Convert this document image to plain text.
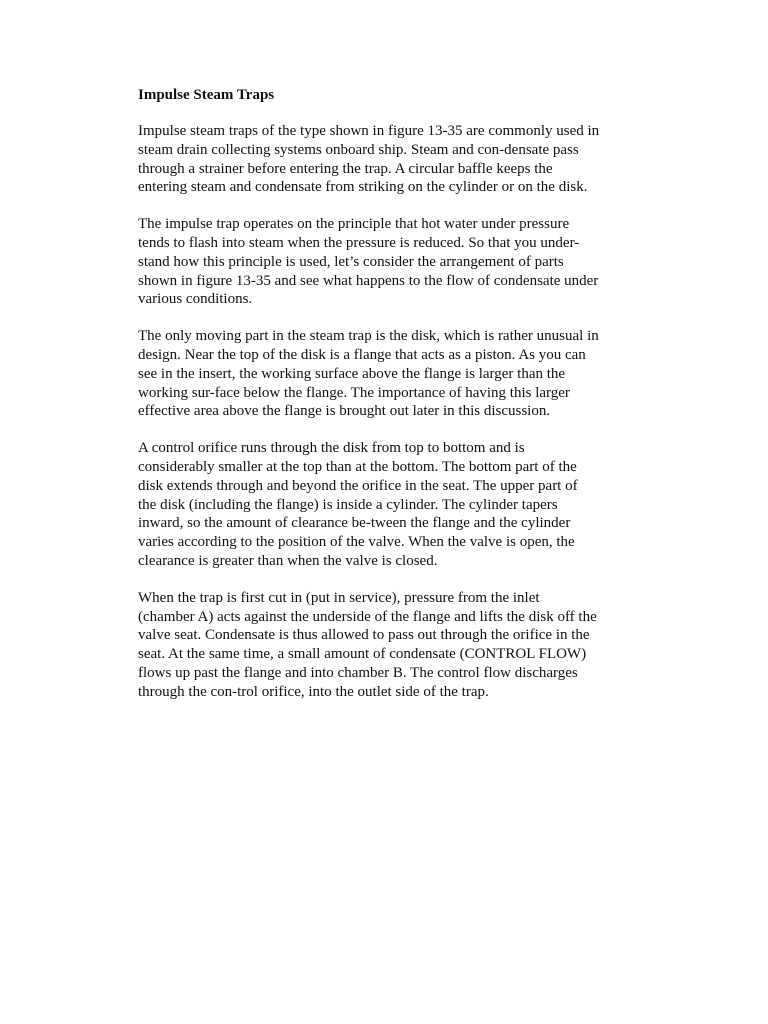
Impulse Steam Traps
Impulse steam traps of the type shown in figure 13-35 are commonly used in
steam drain collecting systems onboard ship. Steam and con-densate pass
through a strainer before entering the trap. A circular baffle keeps the
entering steam and condensate from striking on the cylinder or on the disk.
The impulse trap operates on the principle that hot water under pressure
tends to flash into steam when the pressure is reduced. So that you under-
stand how this principle is used, let’s consider the arrangement of parts
shown in figure 13-35 and see what happens to the flow of condensate under
various conditions.
The only moving part in the steam trap is the disk, which is rather unusual in
design. Near the top of the disk is a flange that acts as a piston. As you can
see in the insert, the working surface above the flange is larger than the
working sur-face below the flange. The importance of having this larger
effective area above the flange is brought out later in this discussion.
A control orifice runs through the disk from top to bottom and is
considerably smaller at the top than at the bottom. The bottom part of the
disk extends through and beyond the orifice in the seat. The upper part of
the disk (including the flange) is inside a cylinder. The cylinder tapers
inward, so the amount of clearance be-tween the flange and the cylinder
varies according to the position of the valve. When the valve is open, the
clearance is greater than when the valve is closed.
When the trap is first cut in (put in service), pressure from the inlet
(chamber A) acts against the underside of the flange and lifts the disk off the
valve seat. Condensate is thus allowed to pass out through the orifice in the
seat. At the same time, a small amount of condensate (CONTROL FLOW)
flows up past the flange and into chamber B. The control flow discharges
through the con-trol orifice, into the outlet side of the trap.
